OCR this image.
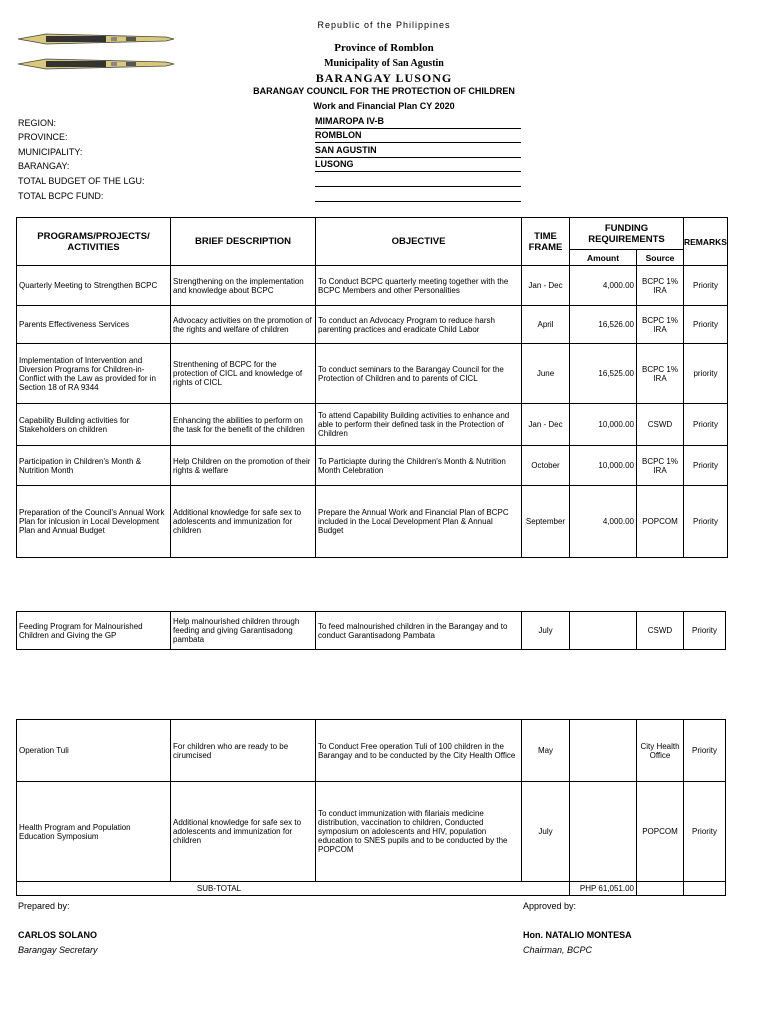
Republic of the Philippines
Province of Romblon
Municipality of San Agustin
BARANGAY LUSONG
BARANGAY COUNCIL FOR THE PROTECTION OF CHILDREN
Work and Financial Plan CY 2020
REGION:	MIMAROPA IV-B
PROVINCE:	ROMBLON
MUNICIPALITY:	SAN AGUSTIN
BARANGAY:	LUSONG
TOTAL BUDGET OF THE LGU:
TOTAL BCPC FUND:
PROGRAMS/PROJECTS/ ACTIVITIES	BRIEF DESCRIPTION	OBJECTIVE	TIME FRAME	FUNDING REQUIREMENTS		REMARKS
				Amount	Source	
Quarterly Meeting to Strengthen BCPC	Strengthening on the implementation and knowledge about BCPC	To Conduct BCPC quarterly meeting together with the BCPC Members and other Personalities	Jan - Dec	4,000.00	BCPC 1% IRA	Priority
Parents Effectiveness Services	Advocacy activities on the promotion of the rights and welfare of children	To conduct an Advocacy Program to reduce harsh parenting practices and eradicate Child Labor	April	16,526.00	BCPC 1% IRA	Priority
Implementation of Intervention and Diversion Programs for Children-in-Conflict with the Law as provided for in Section 18 of RA 9344	Strenthening of BCPC for the protection of CICL and knowledge of rights of CICL	To conduct seminars to the Barangay Council for the Protection of Children and to parents of CICL	June	16,525.00	BCPC 1% IRA	priority
Capability Building activities for Stakeholders on children	Enhancing the abilities to perform on the task for the benefit of the children	To attend Capability Building activities to enhance and able to perform their defined task in the Protection of Children	Jan - Dec	10,000.00	CSWD	Priority
Participation in Children's Month & Nutrition Month	Help Children on the promotion of their rights & welfare	To Particiapte during the Children's Month & Nutrition Month Celebration	October	10,000.00	BCPC 1% IRA	Priority
Preparation of the Council's Annual Work Plan for inlcusion in Local Development Plan and Annual Budget	Additional knowledge for safe sex to adolescents and immunization for children	Prepare the Annual Work and Financial Plan of BCPC included in the Local Development Plan & Annual Budget	September	4,000.00	POPCOM	Priority
Feeding Program for Malnourished Children and Giving the GP	Help malnourished children through feeding and giving Garantisadong pambata	To feed malnourished children in the Barangay and to conduct Garantisadong Pambata	July		CSWD	Priority
Operation Tuli	For children who are ready to be cirumcised	To Conduct Free operation Tuli of 100 children in the Barangay and to be conducted by the City Health Office	May		City Health Office	Priority
Health Program and Population Education Symposium	Additional knowledge for safe sex to adolescents and immunization for children	To conduct immunization with filariais medicine distribution, vaccination to children, Conducted symposium on adolescents and HIV, population education to SNES pupils and to be conducted by the POPCOM	July		POPCOM	Priority
SUB-TOTAL				PHP 61,051.00		
Prepared by:
CARLOS SOLANO
Barangay Secretary
Approved by:
Hon. NATALIO MONTESA
Chairman, BCPC
